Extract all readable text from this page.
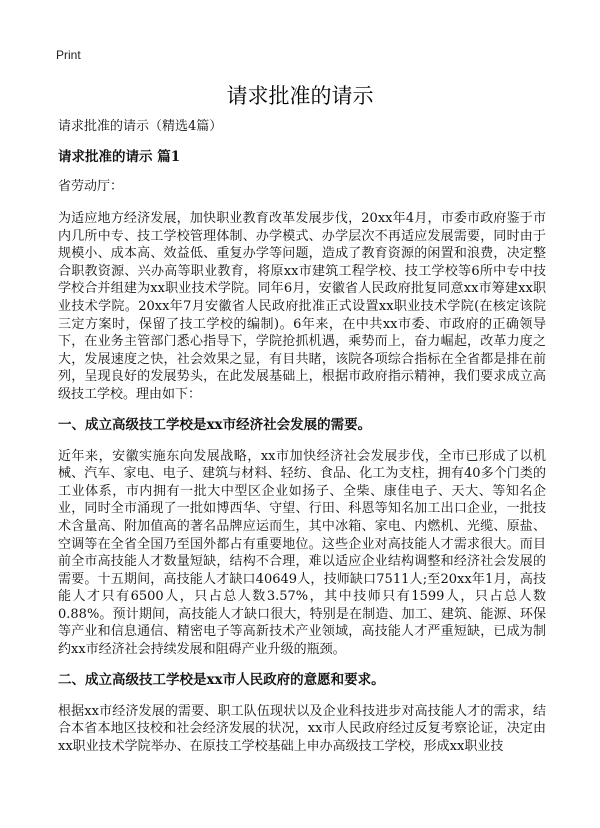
Print
请求批准的请示
请求批准的请示（精选4篇）
请求批准的请示 篇1
省劳动厅：

为适应地方经济发展，加快职业教育改革发展步伐，20xx年4月，市委市政府鉴于市内几所中专、技工学校管理体制、办学模式、办学层次不再适应发展需要，同时由于规模小、成本高、效益低、重复办学等问题，造成了教育资源的闲置和浪费，决定整合职教资源、兴办高等职业教育，将原xx市建筑工程学校、技工学校等6所中专中技学校合并组建为xx职业技术学院。同年6月，安徽省人民政府批复同意xx市筹建xx职业技术学院。20xx年7月安徽省人民政府批准正式设置xx职业技术学院(在核定该院三定方案时，保留了技工学校的编制)。6年来，在中共xx市委、市政府的正确领导下，在业务主管部门悉心指导下，学院抢抓机遇，乘势而上，奋力崛起，改革力度之大，发展速度之快，社会效果之显，有目共睹，该院各项综合指标在全省都是排在前列，呈现良好的发展势头，在此发展基础上，根据市政府指示精神，我们要求成立高级技工学校。理由如下：

一、成立高级技工学校是xx市经济社会发展的需要。

近年来，安徽实施东向发展战略，xx市加快经济社会发展步伐，全市已形成了以机械、汽车、家电、电子、建筑与材料、轻纺、食品、化工为支柱，拥有40多个门类的工业体系，市内拥有一批大中型区企业如扬子、全柴、康佳电子、天大、等知名企业，同时全市涌现了一批如博西华、守望、行田、科恩等知名加工出口企业，一批技术含量高、附加值高的著名品牌应运而生，其中冰箱、家电、内燃机、光缆、原盐、空调等在全省全国乃至国外都占有重要地位。这些企业对高技能人才需求很大。而目前全市高技能人才数量短缺，结构不合理，难以适应企业结构调整和经济社会发展的需要。十五期间，高技能人才缺口40649人，技师缺口7511人;至20xx年1月，高技能人才只有6500人，只占总人数3.57%，其中技师只有1599人，只占总人数0.88%。预计期间，高技能人才缺口很大，特别是在制造、加工、建筑、能源、环保等产业和信息通信、精密电子等高新技术产业领域，高技能人才严重短缺，已成为制约xx市经济社会持续发展和阻碍产业升级的瓶颈。

二、成立高级技工学校是xx市人民政府的意愿和要求。

根据xx市经济发展的需要、职工队伍现状以及企业科技进步对高技能人才的需求，结合本省本地区技校和社会经济发展的状况，xx市人民政府经过反复考察论证，决定由xx职业技术学院举办、在原技工学校基础上申办高级技工学校，形成xx职业技
